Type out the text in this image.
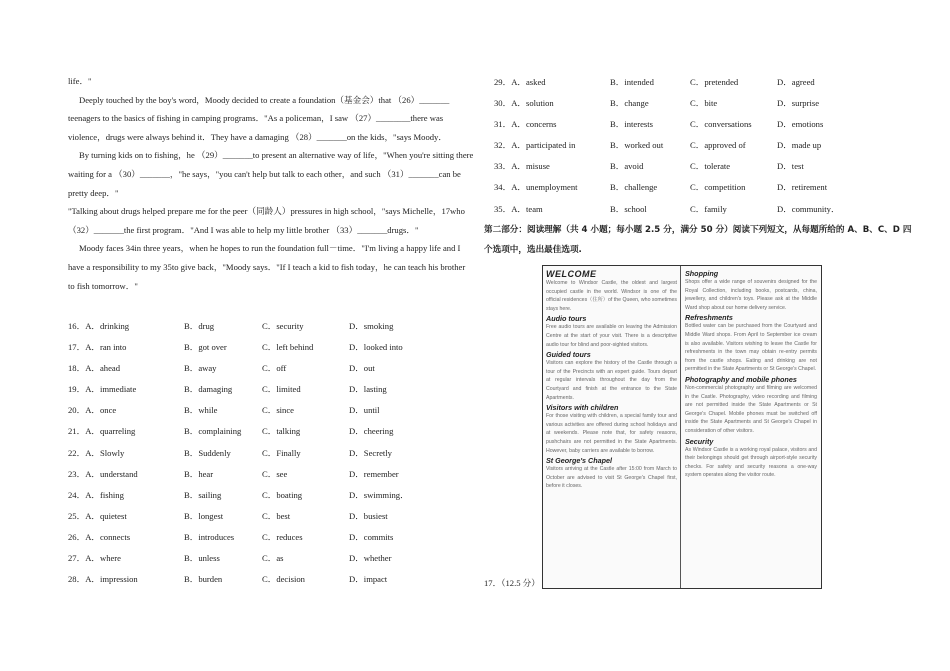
life．"

Deeply touched by the boy's word，Moody decided to create a foundation（基金会）that （26）_______

teenagers to the basics of fishing in camping programs．"As a policeman，I saw （27）________there was

violence，drugs were always behind it．They have a damaging （28）_______on the kids，"says Moody．

By turning kids on to fishing，he （29）_______to present an alternative way of life，"When you're sitting there

waiting for a （30）_______，"he says，"you can't help but talk to each other，and such （31）_______can be

pretty deep．"

"Talking about drugs helped prepare me for the peer（同龄人）pressures in high school，"says Michelle，17who

（32）_______the first program．"And I was able to help my little brother （33）_______drugs．"

Moody faces 34in three years，when he hopes to run the foundation full－time．"I'm living a happy life and I

have a responsibility to my 35to give back，"Moody says．"If I teach a kid to fish today，he can teach his brother

to fish tomorrow．"

16．A．drinking	B．drug	C．security	D．smoking
17．A．ran into	B．got over	C．left behind	D．looked into
18．A．ahead	B．away	C．off	D．out
19．A．immediate	B．damaging	C．limited	D．lasting
20．A．once	B．while	C．since	D．until
21．A．quarreling	B．complaining C．talking	D．cheering
22．A．Slowly	B．Suddenly	C．Finally	D．Secretly
23．A．understand	B．hear	C．see	D．remember
24．A．fishing	B．sailing	C．boating	D．swimming．
25．A．quietest	B．longest	C．best	D．busiest
26．A．connects	B．introduces	C．reduces	D．commits
27．A．where	B．unless	C．as	D．whether
28．A．impression	B．burden	C．decision	D．impact
29．A．asked	B．intended	C．pretended	D．agreed
30．A．solution	B．change	C．bite	D．surprise
31．A．concerns	B．interests	C．conversations	D．emotions
32．A．participated in	B．worked out	C．approved of	D．made up
33．A．misuse	B．avoid	C．tolerate	D．test
34．A．unemployment	B．challenge	C．competition	D．retirement
35．A．team	B．school	C．family	D．community．
第二部分：阅读理解（共 4 小题；每小题 2.5 分，满分 50 分）阅读下列短文，从每题所给的 A、B、C、D 四个选项中，选出最佳选项.
WELCOME

Welcome to Windsor Castle, the oldest and largest occupied castle in the world. Windsor is one of the official residences（住所）of the Queen, who sometimes stays here.

Audio tours

Free audio tours are available on leaving the Admission Centre at the start of your visit. There is a descriptive audio tour for blind and poor-sighted visitors.

Guided tours

Visitors can explore the history of the Castle through a tour of the Precincts with an expert guide. Tours depart at regular intervals throughout the day from the Courtyard and finish at the entrance to the State Apartments.

Visitors with children

For those visiting with children, a special family tour and various activities are offered during school holidays and at weekends. Please note that, for safety reasons, pushchairs are not permitted in the State Apartments. However, baby carriers are available to borrow.

St George's Chapel

Visitors arriving at the Castle after 15:00 from March to October are advised to visit St George's Chapel first, before it closes.

Shopping

Shops offer a wide range of souvenirs designed for the Royal Collection, including books, postcards, china, jewellery, and children's toys. Please ask at the Middle Ward shop about our home delivery service.

Refreshments

Bottled water can be purchased from the Courtyard and Middle Ward shops. From April to September ice cream is also available. Visitors wishing to leave the Castle for refreshments in the town may obtain re-entry permits from the castle shops. Eating and drinking are not permitted in the State Apartments or St George's Chapel.

Photography and mobile phones

Non-commercial photography and filming are welcomed in the Castle. Photography, video recording and filming are not permitted inside the State Apartments or St George's Chapel. Mobile phones must be switched off inside the State Apartments and St George's Chapel in consideration of other visitors.

Security

As Windsor Castle is a working royal palace, visitors and their belongings should get through airport-style security checks. For safety and security reasons a one-way system operates along the visitor route.

17．（12.5 分）
